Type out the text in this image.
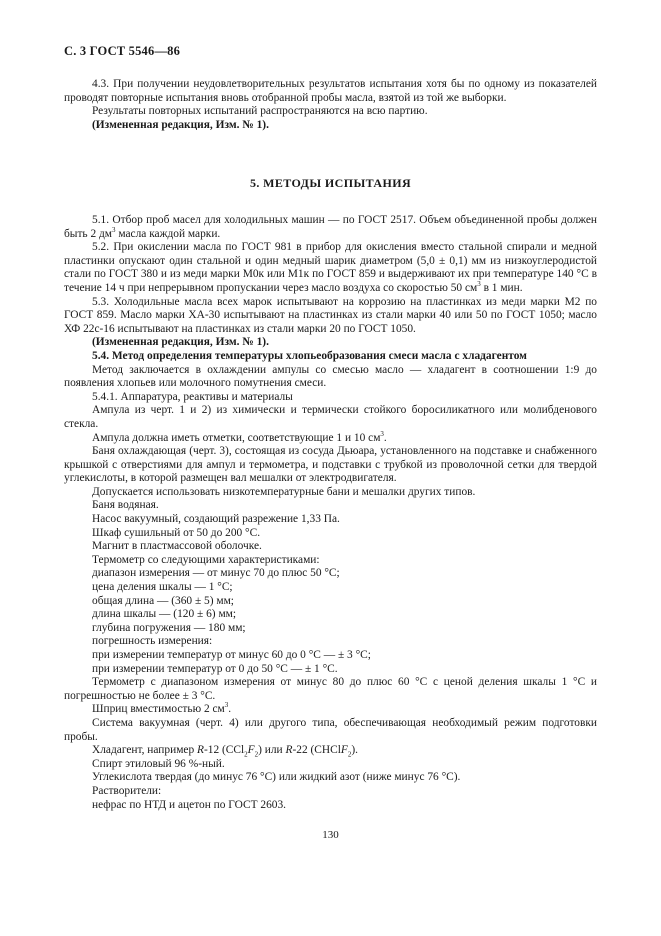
С. 3 ГОСТ 5546—86

4.3. При получении неудовлетворительных результатов испытания хотя бы по одному из показателей проводят повторные испытания вновь отобранной пробы масла, взятой из той же выборки.

Результаты повторных испытаний распространяются на всю партию.

(Измененная редакция, Изм. № 1).

5. МЕТОДЫ ИСПЫТАНИЯ

5.1. Отбор проб масел для холодильных машин — по ГОСТ 2517. Объем объединенной пробы должен быть 2 $дм^3$ масла каждой марки.

5.2. При окислении масла по ГОСТ 981 в прибор для окисления вместо стальной спирали и медной пластинки опускают один стальной и один медный шарик диаметром (5,0 ± 0,1) мм из низкоуглеродистой стали по ГОСТ 380 и из меди марки М0к или М1к по ГОСТ 859 и выдерживают их при температуре 140 °С в течение 14 ч при непрерывном пропускании через масло воздуха со скоростью 50 $см^3$ в 1 мин.

5.3. Холодильные масла всех марок испытывают на коррозию на пластинках из меди марки М2 по ГОСТ 859. Масло марки ХА-30 испытывают на пластинках из стали марки 40 или 50 по ГОСТ 1050; масло ХФ 22с-16 испытывают на пластинках из стали марки 20 по ГОСТ 1050.

(Измененная редакция, Изм. № 1).

5.4. Метод определения температуры хлопьеобразования смеси масла с хладагентом

Метод заключается в охлаждении ампулы со смесью масло — хладагент в соотношении 1:9 до появления хлопьев или молочного помутнения смеси.

5.4.1. Аппаратура, реактивы и материалы

Ампула из черт. 1 и 2) из химически и термически стойкого боросиликатного или молибденового стекла.

Ампула должна иметь отметки, соответствующие 1 и 10 $см^3$.

Баня охлаждающая (черт. 3), состоящая из сосуда Дьюара, установленного на подставке и снабженного крышкой с отверстиями для ампул и термометра, и подставки с трубкой из проволочной сетки для твердой углекислоты, в которой размещен вал мешалки от электродвигателя.

Допускается использовать низкотемпературные бани и мешалки других типов.

Баня водяная.

Насос вакуумный, создающий разрежение 1,33 Па.

Шкаф сушильный от 50 до 200 °С.

Магнит в пластмассовой оболочке.

Термометр со следующими характеристиками:

диапазон измерения — от минус 70 до плюс 50 °С;

цена деления шкалы — 1 °С;

общая длина — (360 ± 5) мм;

длина шкалы — (120 ± 6) мм;

глубина погружения — 180 мм;

погрешность измерения:

при измерении температур от минус 60 до 0 °С — ± 3 °С;

при измерении температур от 0 до 50 °С — ± 1 °С.

Термометр с диапазоном измерения от минус 80 до плюс 60 °С с ценой деления шкалы 1 °С и погрешностью не более ± 3 °С.

Шприц вместимостью 2 $см^3$.

Система вакуумная (черт. 4) или другого типа, обеспечивающая необходимый режим подготовки пробы.

Хладагент, например R-12 $(CCl_2F_2)$ или R-22 (CHClF$_2$).

Спирт этиловый 96 %-ный.

Углекислота твердая (до минус 76 °С) или жидкий азот (ниже минус 76 °С).

Растворители:

нефрас по НТД и ацетон по ГОСТ 2603.

130
